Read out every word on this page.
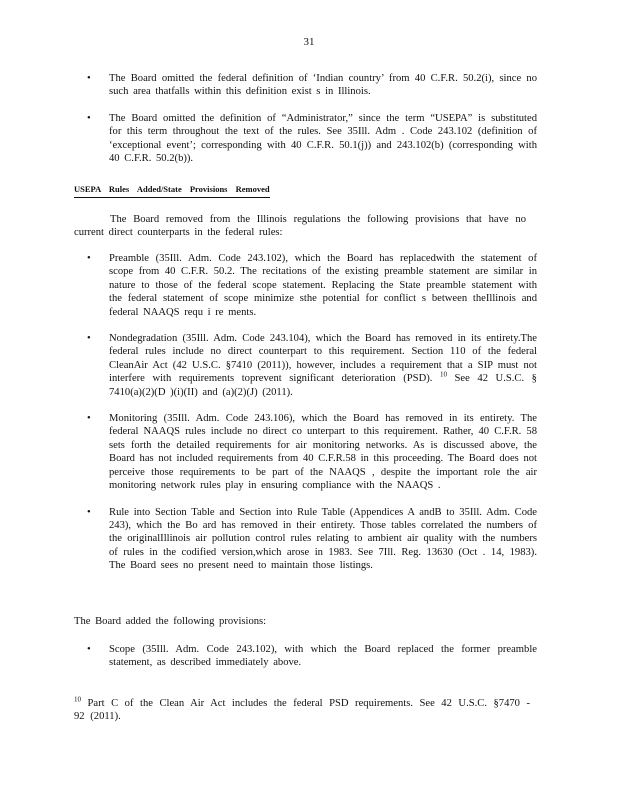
31
• The Board omitted the federal definition of ‘Indian country’ from 40 C.F.R. 50.2(i), since no such area thatfalls within this definition exist s in Illinois.
• The Board omitted the definition of “Administrator,” since the term “USEPA” is substituted for this term throughout the text of the rules. See 35Ill. Adm . Code 243.102 (definition of ‘exceptional event’; corresponding with 40 C.F.R. 50.1(j)) and 243.102(b) (corresponding with 40 C.F.R. 50.2(b)).
USEPA Rules Added/State Provisions Removed
The Board removed from the Illinois regulations the following provisions that have no current direct counterparts in the federal rules:
• Preamble (35Ill. Adm. Code 243.102), which the Board has replacedwith the statement of scope from 40 C.F.R. 50.2. The recitations of the existing preamble statement are similar in nature to those of the federal scope statement. Replacing the State preamble statement with the federal statement of scope minimize sthe potential for conflict s between theIllinois and federal NAAQS requ i re ments.
• Nondegradation (35Ill. Adm. Code 243.104), which the Board has removed in its entirety.The federal rules include no direct counterpart to this requirement. Section 110 of the federal CleanAir Act (42 U.S.C. §7410 (2011)), however, includes a requirement that a SIP must not interfere with requirements toprevent significant deterioration (PSD). $^{10}$ See 42 U.S.C. § 7410(a)(2)(D )(i)(II) and (a)(2)(J) (2011).
• Monitoring (35Ill. Adm. Code 243.106), which the Board has removed in its entirety. The federal NAAQS rules include no direct co unterpart to this requirement. Rather, 40 C.F.R. 58 sets forth the detailed requirements for air monitoring networks. As is discussed above, the Board has not included requirements from 40 C.F.R.58 in this proceeding. The Board does not perceive those requirements to be part of the NAAQS , despite the important role the air monitoring network rules play in ensuring compliance with the NAAQS .
• Rule into Section Table and Section into Rule Table (Appendices A andB to 35Ill. Adm. Code 243), which the Bo ard has removed in their entirety. Those tables correlated the numbers of the originalIllinois air pollution control rules relating to ambient air quality with the numbers of rules in the codified version,which arose in 1983. See 7Ill. Reg. 13630 (Oct . 14, 1983). The Board sees no present need to maintain those listings.
The Board added the following provisions:
• Scope (35Ill. Adm. Code 243.102), with which the Board replaced the former preamble statement, as described immediately above.
$^{10}$ Part C of the Clean Air Act includes the federal PSD requirements. See 42 U.S.C. §7470 - 92 (2011).
